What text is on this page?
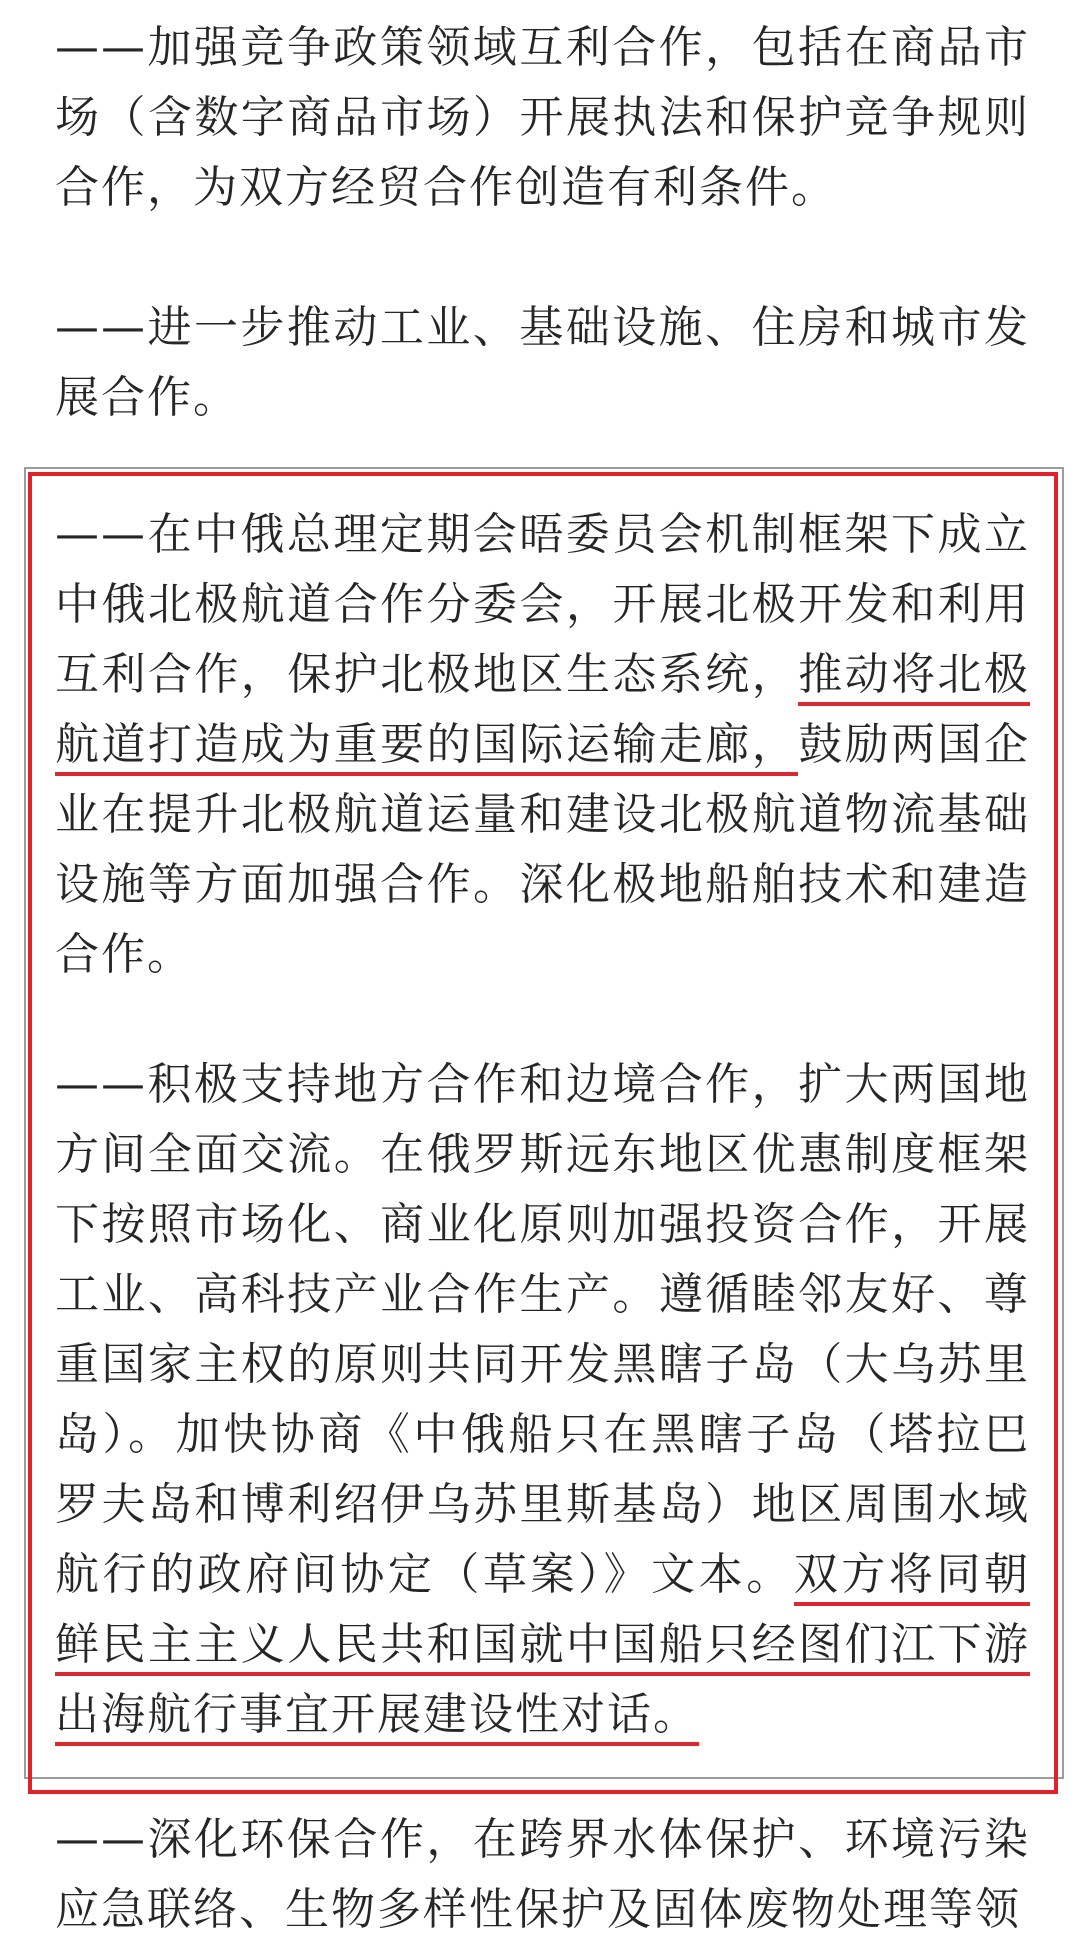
——加强竞争政策领域互利合作，包括在商品市场（含数字商品市场）开展执法和保护竞争规则合作，为双方经贸合作创造有利条件。

——进一步推动工业、基础设施、住房和城市发展合作。

——在中俄总理定期会晤委员会机制框架下成立中俄北极航道合作分委会，开展北极开发和利用互利合作，保护北极地区生态系统，推动将北极航道打造成为重要的国际运输走廊，鼓励两国企业在提升北极航道运量和建设北极航道物流基础设施等方面加强合作。深化极地船舶技术和建造合作。

——积极支持地方合作和边境合作，扩大两国地方间全面交流。在俄罗斯远东地区优惠制度框架下按照市场化、商业化原则加强投资合作，开展工业、高科技产业合作生产。遵循睦邻友好、尊重国家主权的原则共同开发黑瞎子岛（大乌苏里岛）。加快协商《中俄船只在黑瞎子岛（塔拉巴罗夫岛和博利绍伊乌苏里斯基岛）地区周围水域航行的政府间协定（草案）》文本。双方将同朝鲜民主主义人民共和国就中国船只经图们江下游出海航行事宜开展建设性对话。

——深化环保合作，在跨界水体保护、环境污染应急联络、生物多样性保护及固体废物处理等领
